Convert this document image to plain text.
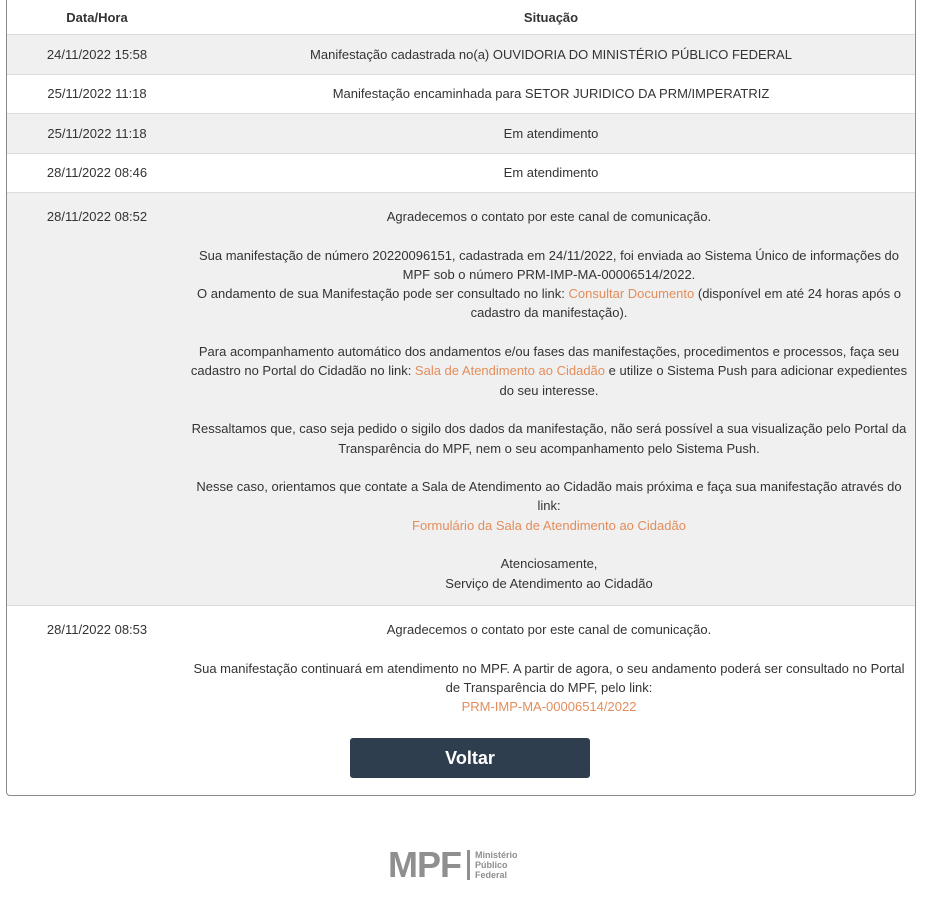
Data/Hora	Situação
24/11/2022 15:58	Manifestação cadastrada no(a) OUVIDORIA DO MINISTÉRIO PÚBLICO FEDERAL
25/11/2022 11:18	Manifestação encaminhada para SETOR JURIDICO DA PRM/IMPERATRIZ
25/11/2022 11:18	Em atendimento
28/11/2022 08:46	Em atendimento
28/11/2022 08:52	Agradecemos o contato por este canal de comunicação.

Sua manifestação de número 20220096151, cadastrada em 24/11/2022, foi enviada ao Sistema Único de informações do MPF sob o número PRM-IMP-MA-00006514/2022.
O andamento de sua Manifestação pode ser consultado no link: Consultar Documento (disponível em até 24 horas após o cadastro da manifestação).

Para acompanhamento automático dos andamentos e/ou fases das manifestações, procedimentos e processos, faça seu cadastro no Portal do Cidadão no link: Sala de Atendimento ao Cidadão e utilize o Sistema Push para adicionar expedientes do seu interesse.

Ressaltamos que, caso seja pedido o sigilo dos dados da manifestação, não será possível a sua visualização pelo Portal da Transparência do MPF, nem o seu acompanhamento pelo Sistema Push.

Nesse caso, orientamos que contate a Sala de Atendimento ao Cidadão mais próxima e faça sua manifestação através do link:
Formulário da Sala de Atendimento ao Cidadão

Atenciosamente,
Serviço de Atendimento ao Cidadão

28/11/2022 08:53	Agradecemos o contato por este canal de comunicação.

Sua manifestação continuará em atendimento no MPF. A partir de agora, o seu andamento poderá ser consultado no Portal de Transparência do MPF, pelo link:
PRM-IMP-MA-00006514/2022

Voltar
MPF Ministério
Público
Federal
